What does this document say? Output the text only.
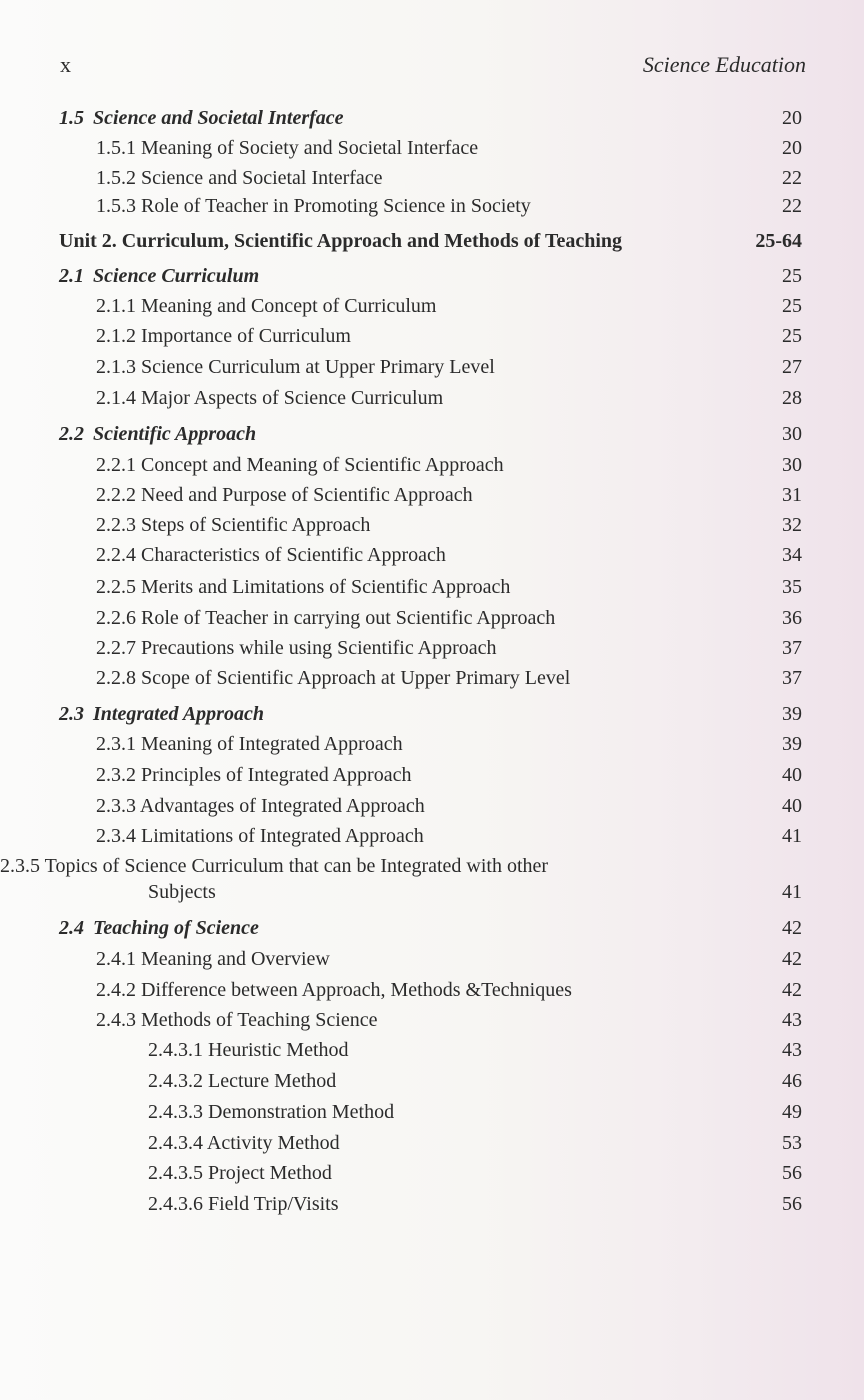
x	Science Education
1.5  Science and Societal Interface	20
1.5.1 Meaning of Society and Societal Interface	20
1.5.2 Science and Societal Interface	22
1.5.3 Role of Teacher in Promoting Science in Society	22
Unit 2. Curriculum, Scientific Approach and Methods of Teaching	25-64
2.1  Science Curriculum	25
2.1.1 Meaning and Concept of Curriculum	25
2.1.2 Importance of Curriculum	25
2.1.3 Science Curriculum at Upper Primary Level	27
2.1.4 Major Aspects of Science Curriculum	28
2.2  Scientific Approach	30
2.2.1 Concept and Meaning of Scientific Approach	30
2.2.2 Need and Purpose of Scientific Approach	31
2.2.3 Steps of Scientific Approach	32
2.2.4 Characteristics of Scientific Approach	34
2.2.5 Merits and Limitations of Scientific Approach	35
2.2.6 Role of Teacher in carrying out Scientific Approach	36
2.2.7 Precautions while using Scientific Approach	37
2.2.8 Scope of Scientific Approach at Upper Primary Level	37
2.3  Integrated Approach	39
2.3.1 Meaning of Integrated Approach	39
2.3.2 Principles of Integrated Approach	40
2.3.3 Advantages of Integrated Approach	40
2.3.4 Limitations of Integrated Approach	41
2.3.5 Topics of Science Curriculum that can be Integrated with other
Subjects	41
2.4  Teaching of Science	42
2.4.1 Meaning and Overview	42
2.4.2 Difference between Approach, Methods &Techniques	42
2.4.3 Methods of Teaching Science	43
2.4.3.1 Heuristic Method	43
2.4.3.2 Lecture Method	46
2.4.3.3 Demonstration Method	49
2.4.3.4 Activity Method	53
2.4.3.5 Project Method	56
2.4.3.6 Field Trip/Visits	56
